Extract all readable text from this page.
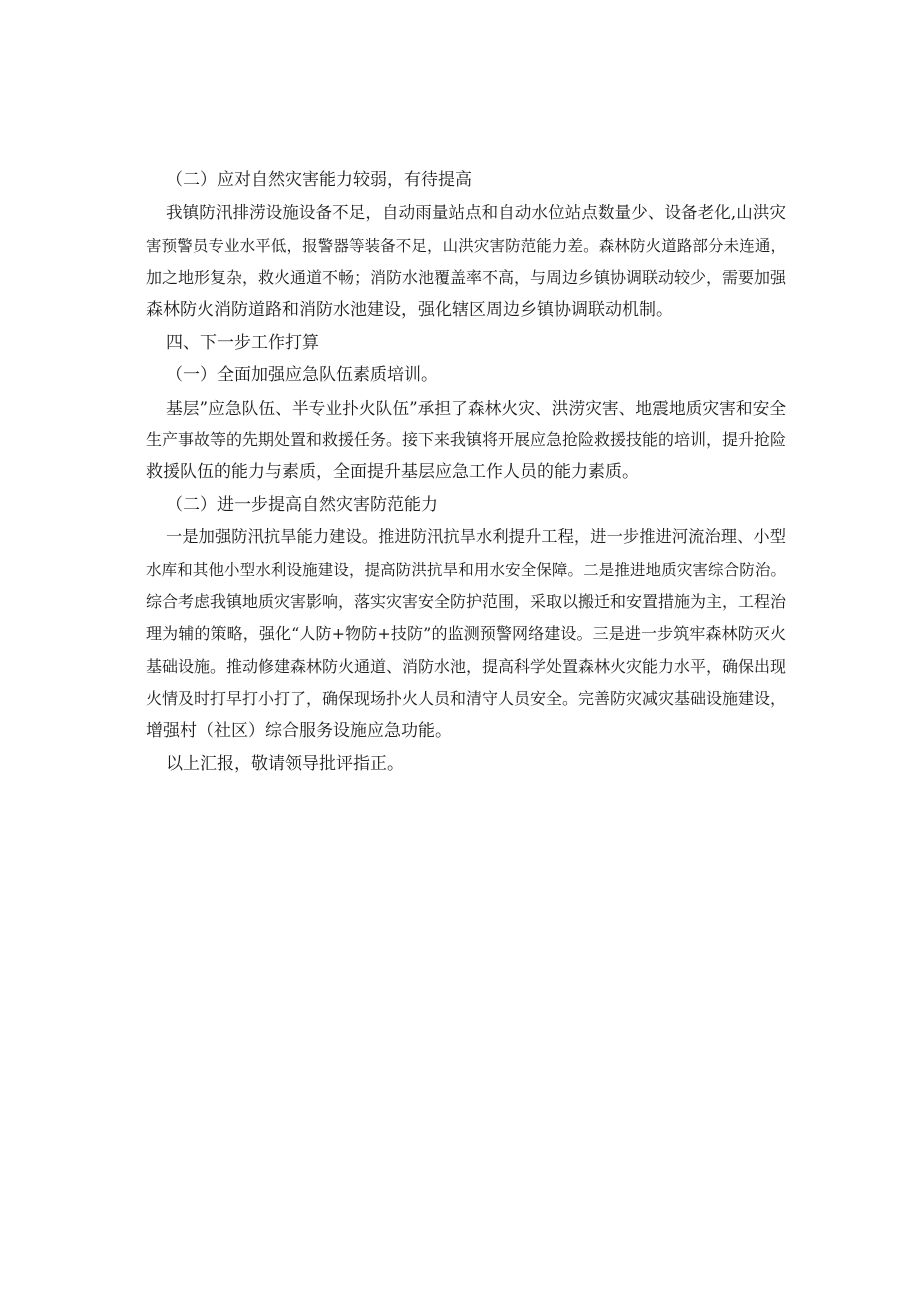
（二）应对自然灾害能力较弱，有待提高
我镇防汛排涝设施设备不足，自动雨量站点和自动水位站点数量少、设备老化,山洪灾
害预警员专业水平低，报警器等装备不足，山洪灾害防范能力差。森林防火道路部分未连通，
加之地形复杂，救火通道不畅；消防水池覆盖率不高，与周边乡镇协调联动较少，需要加强
森林防火消防道路和消防水池建设，强化辖区周边乡镇协调联动机制。
四、下一步工作打算
（一）全面加强应急队伍素质培训。
基层”应急队伍、半专业扑火队伍”承担了森林火灾、洪涝灾害、地震地质灾害和安全
生产事故等的先期处置和救援任务。接下来我镇将开展应急抢险救援技能的培训，提升抢险
救援队伍的能力与素质，全面提升基层应急工作人员的能力素质。
（二）进一步提高自然灾害防范能力
一是加强防汛抗旱能力建设。推进防汛抗旱水利提升工程，进一步推进河流治理、小型
水库和其他小型水利设施建设，提高防洪抗旱和用水安全保障。二是推进地质灾害综合防治。
综合考虑我镇地质灾害影响，落实灾害安全防护范围，采取以搬迁和安置措施为主，工程治
理为辅的策略，强化“人防+物防+技防”的监测预警网络建设。三是进一步筑牢森林防灭火
基础设施。推动修建森林防火通道、消防水池，提高科学处置森林火灾能力水平，确保出现
火情及时打早打小打了，确保现场扑火人员和清守人员安全。完善防灾减灾基础设施建设，
增强村（社区）综合服务设施应急功能。
以上汇报，敬请领导批评指正。
